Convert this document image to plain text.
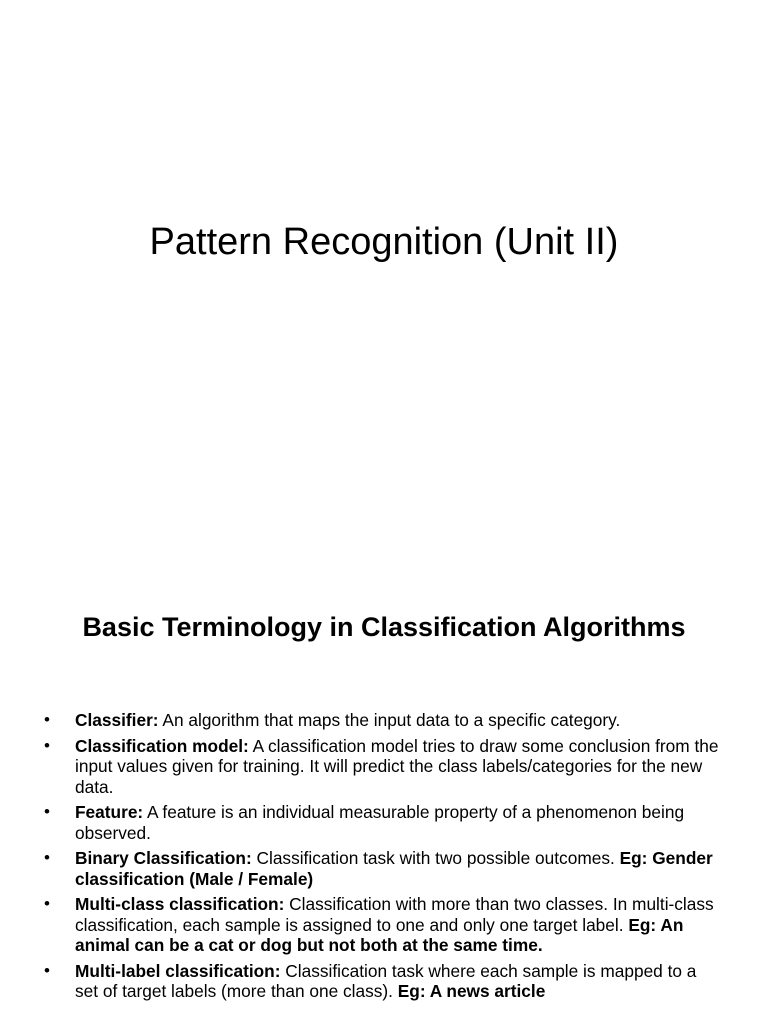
Pattern Recognition (Unit II)
Basic Terminology in Classification Algorithms
• Classifier: An algorithm that maps the input data to a specific category.
• Classification model: A classification model tries to draw some conclusion from the input values given for training. It will predict the class labels/categories for the new data.
• Feature: A feature is an individual measurable property of a phenomenon being observed.
• Binary Classification: Classification task with two possible outcomes. Eg: Gender classification (Male / Female)
• Multi-class classification: Classification with more than two classes. In multi-class classification, each sample is assigned to one and only one target label. Eg: An animal can be a cat or dog but not both at the same time.
• Multi-label classification: Classification task where each sample is mapped to a set of target labels (more than one class). Eg: A news article
